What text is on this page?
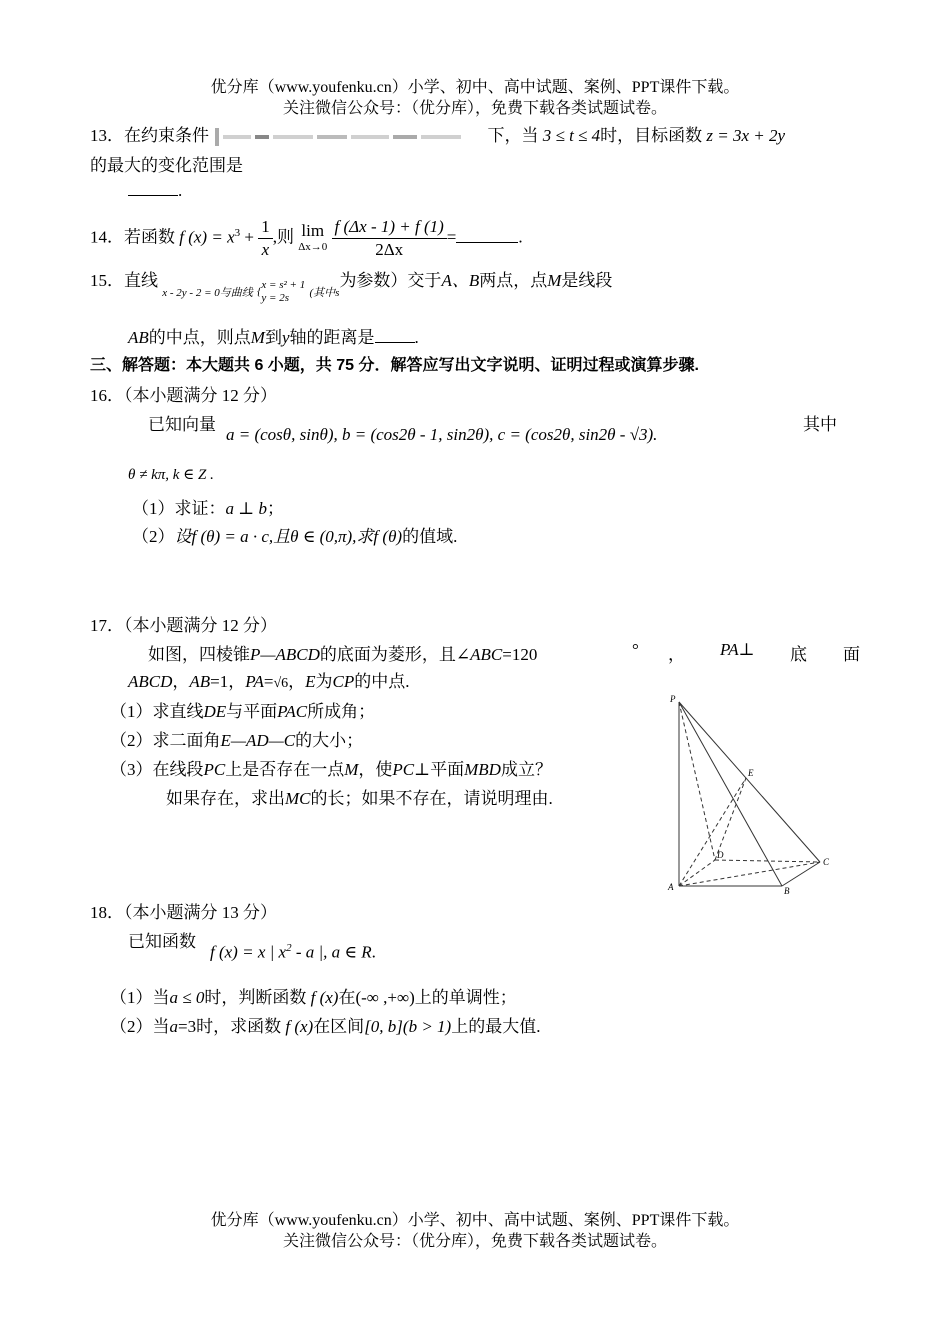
优分库（www.youfenku.cn）小学、初中、高中试题、案例、PPT课件下载。
关注微信公众号：（优分库），免费下载各类试题试卷。
13．在约束条件	下，当 3 ≤ t ≤ 4时，目标函数 z = 3x + 2y
的最大的变化范围是
.
14．若函数 f $(x) = x^3 + \frac{1}{x}$ ,则 lim
Δx→0
$\frac{f (\Delta x - 1) + f (1)}{2\Delta x}$ =	.
15．直线 $_{x - 2y - 2 = 0与曲线}$ {
x = s² + 1
y = 2s	$_{(其中s}$为参数）交于A、B两点，点M是线段
AB的中点，则点M到y轴的距离是 .
三、解答题：本大题共 6 小题，共 75 分．解答应写出文字说明、证明过程或演算步骤.
16．（本小题满分 12 分）
已知向量
a = (cosθ, sinθ), b = (cos2θ - 1, sin2θ), c = (cos2θ, sin2θ - √3).
其中
θ ≠ kπ, k ∈ Z .
（1）求证：a ⊥ b；
（2）设f (θ) = a · c,且θ ∈ (0,π),求f (θ)的值域.
17．（本小题满分 12 分）
如图，四棱锥P—ABCD的底面为菱形，且∠ABC=120	° ， PA⊥ 底 面
ABCD，AB=1，PA=√6，E为CP的中点.
（1）求直线DE与平面PAC所成角；
（2）求二面角E—AD—C的大小；
（3）在线段PC上是否存在一点M，使PC⊥平面MBD成立？
如果存在，求出MC的长；如果不存在，请说明理由.
P
A	B
C
D
E
18．（本小题满分 13 分）
已知函数
f (x) = x | $x^2$ - a |, a ∈ R.
（1）当a ≤ 0时，判断函数 f (x)在(-∞ ,+∞)上的单调性；
（2）当a=3时，求函数 f (x)在区间[0, b](b > 1)上的最大值.
优分库（www.youfenku.cn）小学、初中、高中试题、案例、PPT课件下载。
关注微信公众号：（优分库），免费下载各类试题试卷。
